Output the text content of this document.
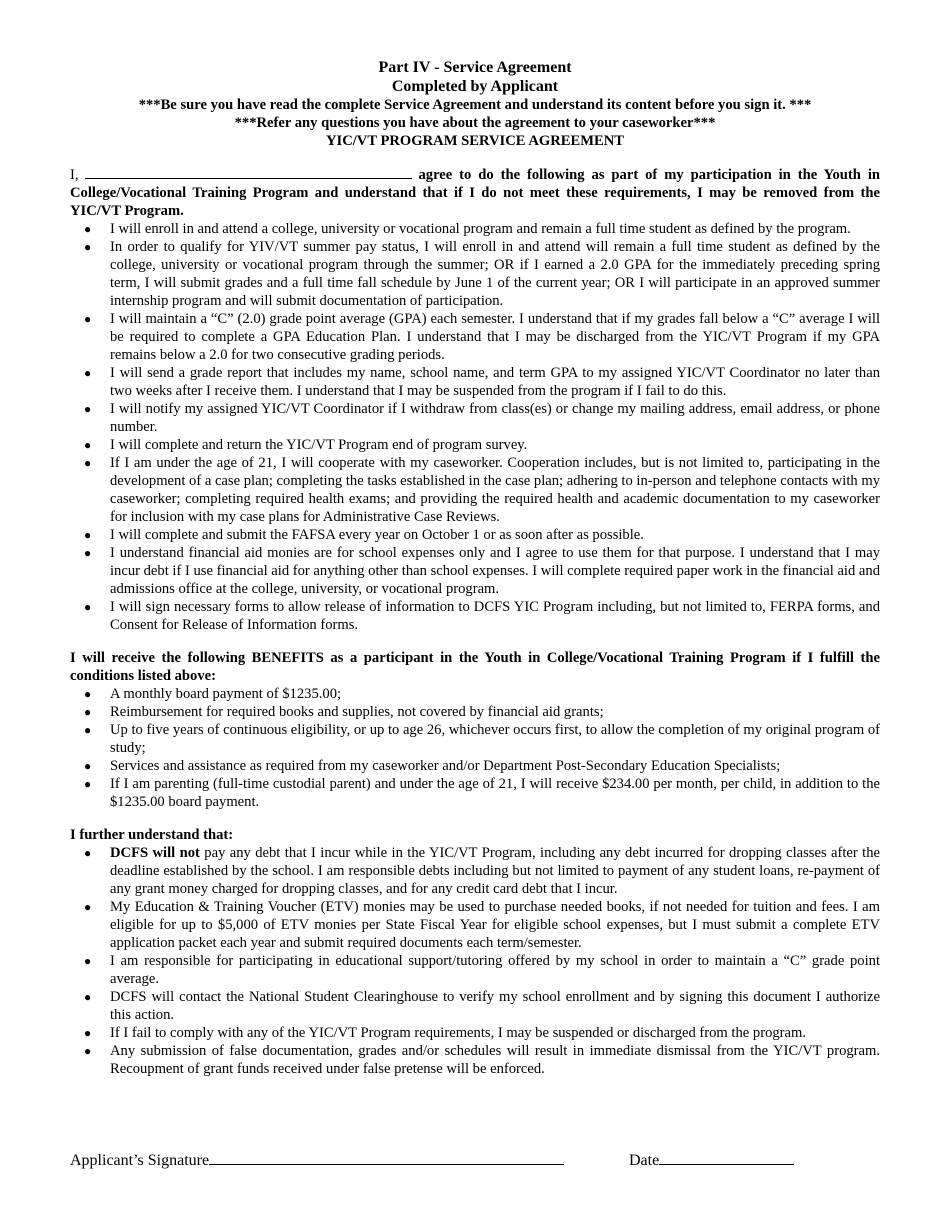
Part IV - Service Agreement
Completed by Applicant
***Be sure you have read the complete Service Agreement and understand its content before you sign it. ***
***Refer any questions you have about the agreement to your caseworker***
YIC/VT PROGRAM SERVICE AGREEMENT
I,	agree to do the following as part of my participation in the Youth in College/Vocational Training Program and understand that if I do not meet these requirements, I may be removed from the YIC/VT Program.
● I will enroll in and attend a college, university or vocational program and remain a full time student as defined by the program.
● In order to qualify for YIV/VT summer pay status, I will enroll in and attend will remain a full time student as defined by the college, university or vocational program through the summer; OR if I earned a 2.0 GPA for the immediately preceding spring term, I will submit grades and a full time fall schedule by June 1 of the current year; OR I will participate in an approved summer internship program and will submit documentation of participation.
● I will maintain a “C” (2.0) grade point average (GPA) each semester. I understand that if my grades fall below a “C” average I will be required to complete a GPA Education Plan. I understand that I may be discharged from the YIC/VT Program if my GPA remains below a 2.0 for two consecutive grading periods.
● I will send a grade report that includes my name, school name, and term GPA to my assigned YIC/VT Coordinator no later than two weeks after I receive them. I understand that I may be suspended from the program if I fail to do this.
● I will notify my assigned YIC/VT Coordinator if I withdraw from class(es) or change my mailing address, email address, or phone number.
● I will complete and return the YIC/VT Program end of program survey.
● If I am under the age of 21, I will cooperate with my caseworker. Cooperation includes, but is not limited to, participating in the development of a case plan; completing the tasks established in the case plan; adhering to in-person and telephone contacts with my caseworker; completing required health exams; and providing the required health and academic documentation to my caseworker for inclusion with my case plans for Administrative Case Reviews.
● I will complete and submit the FAFSA every year on October 1 or as soon after as possible.
● I understand financial aid monies are for school expenses only and I agree to use them for that purpose. I understand that I may incur debt if I use financial aid for anything other than school expenses. I will complete required paper work in the financial aid and admissions office at the college, university, or vocational program.
● I will sign necessary forms to allow release of information to DCFS YIC Program including, but not limited to, FERPA forms, and Consent for Release of Information forms.
I will receive the following BENEFITS as a participant in the Youth in College/Vocational Training Program if I fulfill the conditions listed above:
● A monthly board payment of $1235.00;
● Reimbursement for required books and supplies, not covered by financial aid grants;
● Up to five years of continuous eligibility, or up to age 26, whichever occurs first, to allow the completion of my original program of study;
● Services and assistance as required from my caseworker and/or Department Post-Secondary Education Specialists;
● If I am parenting (full-time custodial parent) and under the age of 21, I will receive $234.00 per month, per child, in addition to the $1235.00 board payment.
I further understand that:
● DCFS will not pay any debt that I incur while in the YIC/VT Program, including any debt incurred for dropping classes after the deadline established by the school. I am responsible debts including but not limited to payment of any student loans, re-payment of any grant money charged for dropping classes, and for any credit card debt that I incur.
● My Education & Training Voucher (ETV) monies may be used to purchase needed books, if not needed for tuition and fees. I am eligible for up to $5,000 of ETV monies per State Fiscal Year for eligible school expenses, but I must submit a complete ETV application packet each year and submit required documents each term/semester.
● I am responsible for participating in educational support/tutoring offered by my school in order to maintain a “C” grade point average.
● DCFS will contact the National Student Clearinghouse to verify my school enrollment and by signing this document I authorize this action.
● If I fail to comply with any of the YIC/VT Program requirements, I may be suspended or discharged from the program.
● Any submission of false documentation, grades and/or schedules will result in immediate dismissal from the YIC/VT program. Recoupment of grant funds received under false pretense will be enforced.
Applicant’s Signature	Date
